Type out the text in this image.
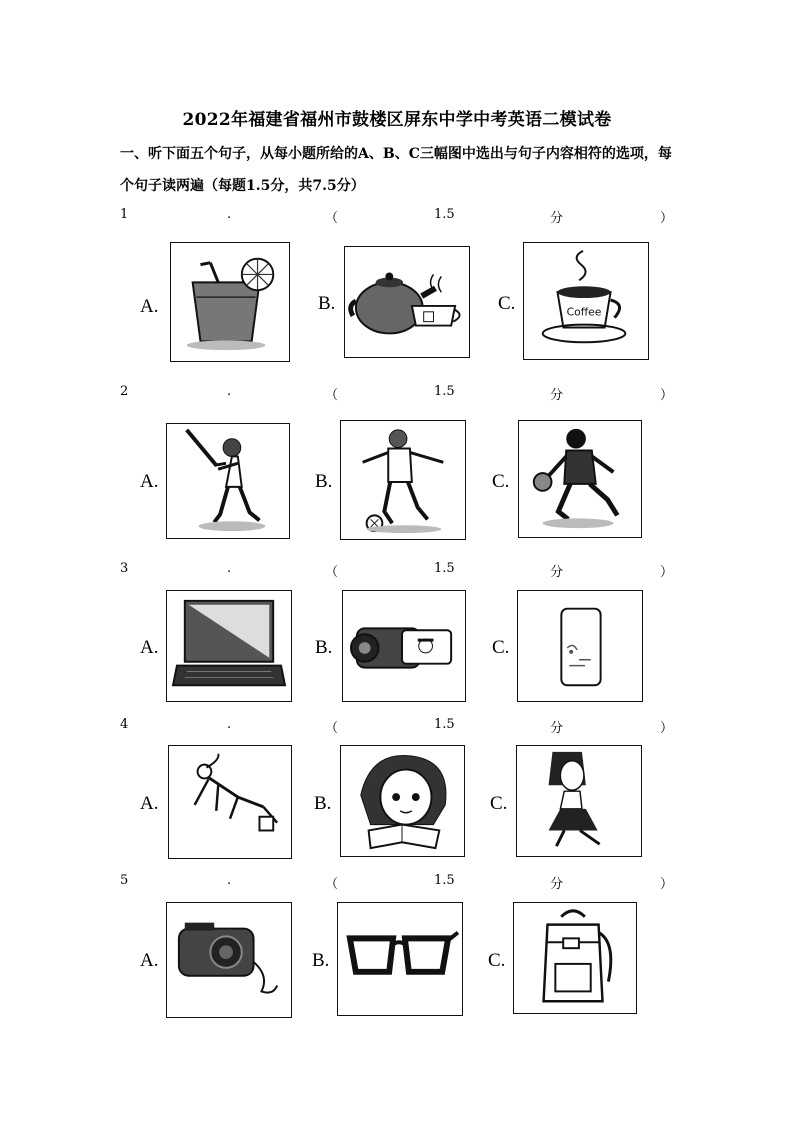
2022年福建省福州市鼓楼区屏东中学中考英语二模试卷
一、听下面五个句子，从每小题所给的A、B、C三幅图中选出与句子内容相符的选项，每
个句子读两遍（每题1.5分，共7.5分）
1	.	（	1.5	分	）
A.	B.	C.	Coffee
2	.	（	1.5	分	）
A.	B.	C.
3	.	（	1.5	分	）
A.	B.	C.
4	.	（	1.5	分	）
A.	B.	C.
5	.	（	1.5	分	）
A.	B.	C.
